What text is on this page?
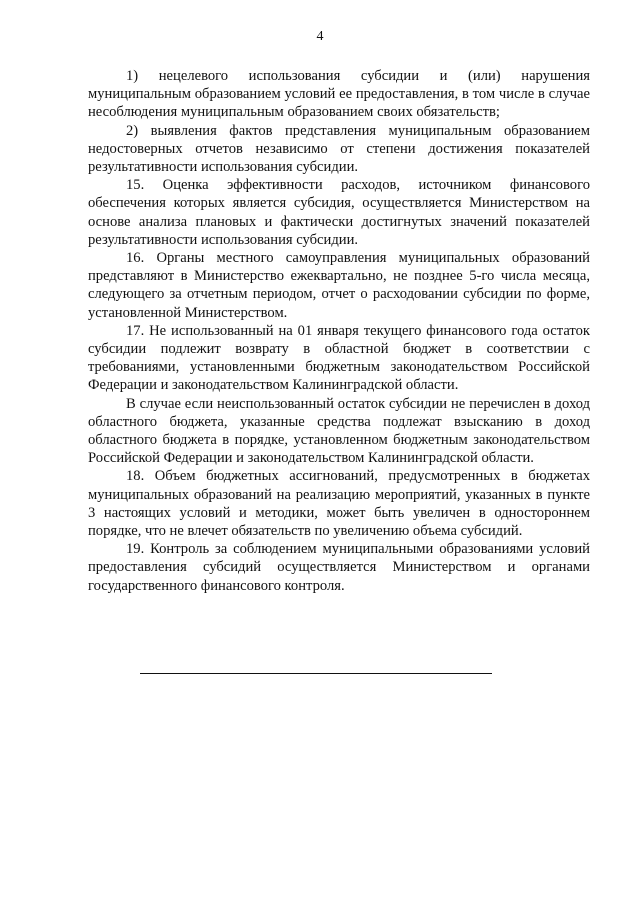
4

1) нецелевого использования субсидии и (или) нарушения муниципальным образованием условий ее предоставления, в том числе в случае несоблюдения муниципальным образованием своих обязательств;

2) выявления фактов представления муниципальным образованием недостоверных отчетов независимо от степени достижения показателей результативности использования субсидии.

15. Оценка эффективности расходов, источником финансового обеспечения которых является субсидия, осуществляется Министерством на основе анализа плановых и фактически достигнутых значений показателей результативности использования субсидии.

16. Органы местного самоуправления муниципальных образований представляют в Министерство ежеквартально, не позднее 5-го числа месяца, следующего за отчетным периодом, отчет о расходовании субсидии по форме, установленной Министерством.

17. Не использованный на 01 января текущего финансового года остаток субсидии подлежит возврату в областной бюджет в соответствии с требованиями, установленными бюджетным законодательством Российской Федерации и законодательством Калининградской области.

В случае если неиспользованный остаток субсидии не перечислен в доход областного бюджета, указанные средства подлежат взысканию в доход областного бюджета в порядке, установленном бюджетным законодательством Российской Федерации и законодательством Калининградской области.

18. Объем бюджетных ассигнований, предусмотренных в бюджетах муниципальных образований на реализацию мероприятий, указанных в пункте 3 настоящих условий и методики, может быть увеличен в одностороннем порядке, что не влечет обязательств по увеличению объема субсидий.

19. Контроль за соблюдением муниципальными образованиями условий предоставления субсидий осуществляется Министерством и органами государственного финансового контроля.
